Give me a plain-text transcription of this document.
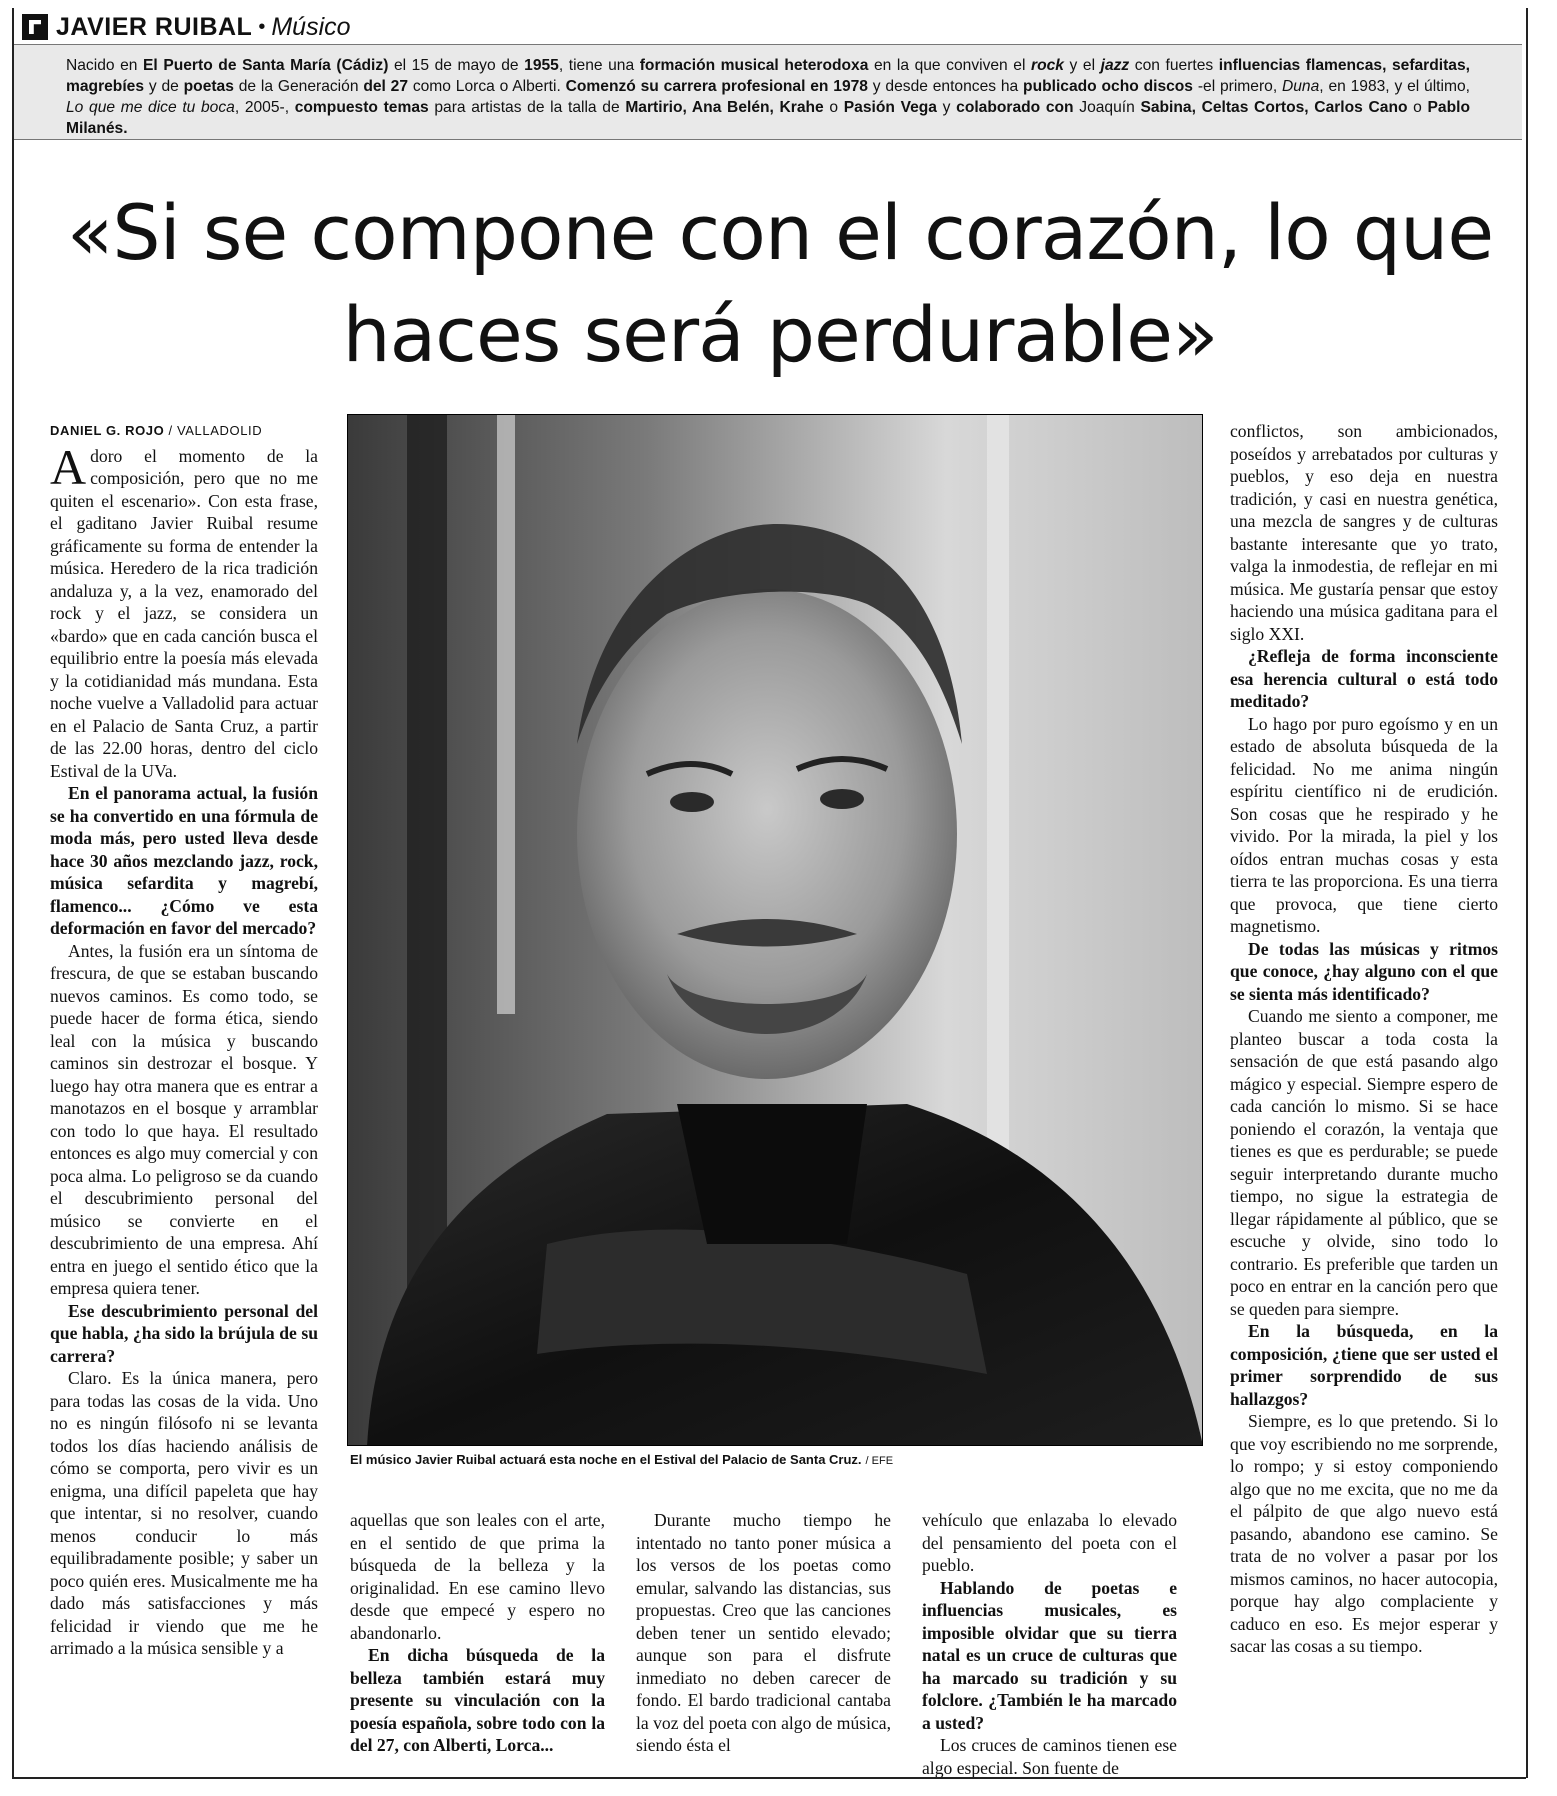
JAVIER RUIBAL • Músico

Nacido en El Puerto de Santa María (Cádiz) el 15 de mayo de 1955, tiene una formación musical heterodoxa en la que conviven el rock y el jazz con fuertes influencias flamencas, sefarditas, magrebíes y de poetas de la Generación del 27 como Lorca o Alberti. Comenzó su carrera profesional en 1978 y desde entonces ha publicado ocho discos -el primero, Duna, en 1983, y el último, Lo que me dice tu boca, 2005-, compuesto temas para artistas de la talla de Martirio, Ana Belén, Krahe o Pasión Vega y colaborado con Joaquín Sabina, Celtas Cortos, Carlos Cano o Pablo Milanés.

«Si se compone con el corazón, lo que haces será perdurable»
DANIEL G. ROJO / VALLADOLID

Adoro el momento de la composición, pero que no me quiten el escenario». Con esta frase, el gaditano Javier Ruibal resume gráficamente su forma de entender la música. Heredero de la rica tradición andaluza y, a la vez, enamorado del rock y el jazz, se considera un «bardo» que en cada canción busca el equilibrio entre la poesía más elevada y la cotidianidad más mundana. Esta noche vuelve a Valladolid para actuar en el Palacio de Santa Cruz, a partir de las 22.00 horas, dentro del ciclo Estival de la UVa.

En el panorama actual, la fusión se ha convertido en una fórmula de moda más, pero usted lleva desde hace 30 años mezclando jazz, rock, música sefardita y magrebí, flamenco... ¿Cómo ve esta deformación en favor del mercado?

Antes, la fusión era un síntoma de frescura, de que se estaban buscando nuevos caminos. Es como todo, se puede hacer de forma ética, siendo leal con la música y buscando caminos sin destrozar el bosque. Y luego hay otra manera que es entrar a manotazos en el bosque y arramblar con todo lo que haya. El resultado entonces es algo muy comercial y con poca alma. Lo peligroso se da cuando el descubrimiento personal del músico se convierte en el descubrimiento de una empresa. Ahí entra en juego el sentido ético que la empresa quiera tener.

Ese descubrimiento personal del que habla, ¿ha sido la brújula de su carrera?

Claro. Es la única manera, pero para todas las cosas de la vida. Uno no es ningún filósofo ni se levanta todos los días haciendo análisis de cómo se comporta, pero vivir es un enigma, una difícil papeleta que hay que intentar, si no resolver, cuando menos conducir lo más equilibradamente posible; y saber un poco quién eres. Musicalmente me ha dado más satisfacciones y más felicidad ir viendo que me he arrimado a la música sensible y a

El músico Javier Ruibal actuará esta noche en el Estival del Palacio de Santa Cruz. / EFE

aquellas que son leales con el arte, en el sentido de que prima la búsqueda de la belleza y la originalidad. En ese camino llevo desde que empecé y espero no abandonarlo.

En dicha búsqueda de la belleza también estará muy presente su vinculación con la poesía española, sobre todo con la del 27, con Alberti, Lorca...

Durante mucho tiempo he intentado no tanto poner música a los versos de los poetas como emular, salvando las distancias, sus propuestas. Creo que las canciones deben tener un sentido elevado; aunque son para el disfrute inmediato no deben carecer de fondo. El bardo tradicional cantaba la voz del poeta con algo de música, siendo ésta el

vehículo que enlazaba lo elevado del pensamiento del poeta con el pueblo.

Hablando de poetas e influencias musicales, es imposible olvidar que su tierra natal es un cruce de culturas que ha marcado su tradición y su folclore. ¿También le ha marcado a usted?

Los cruces de caminos tienen ese algo especial. Son fuente de

conflictos, son ambicionados, poseídos y arrebatados por culturas y pueblos, y eso deja en nuestra tradición, y casi en nuestra genética, una mezcla de sangres y de culturas bastante interesante que yo trato, valga la inmodestia, de reflejar en mi música. Me gustaría pensar que estoy haciendo una música gaditana para el siglo XXI.

¿Refleja de forma inconsciente esa herencia cultural o está todo meditado?

Lo hago por puro egoísmo y en un estado de absoluta búsqueda de la felicidad. No me anima ningún espíritu científico ni de erudición. Son cosas que he respirado y he vivido. Por la mirada, la piel y los oídos entran muchas cosas y esta tierra te las proporciona. Es una tierra que provoca, que tiene cierto magnetismo.

De todas las músicas y ritmos que conoce, ¿hay alguno con el que se sienta más identificado?

Cuando me siento a componer, me planteo buscar a toda costa la sensación de que está pasando algo mágico y especial. Siempre espero de cada canción lo mismo. Si se hace poniendo el corazón, la ventaja que tienes es que es perdurable; se puede seguir interpretando durante mucho tiempo, no sigue la estrategia de llegar rápidamente al público, que se escuche y olvide, sino todo lo contrario. Es preferible que tarden un poco en entrar en la canción pero que se queden para siempre.

En la búsqueda, en la composición, ¿tiene que ser usted el primer sorprendido de sus hallazgos?

Siempre, es lo que pretendo. Si lo que voy escribiendo no me sorprende, lo rompo; y si estoy componiendo algo que no me excita, que no me da el pálpito de que algo nuevo está pasando, abandono ese camino. Se trata de no volver a pasar por los mismos caminos, no hacer autocopia, porque hay algo complaciente y caduco en eso. Es mejor esperar y sacar las cosas a su tiempo.
